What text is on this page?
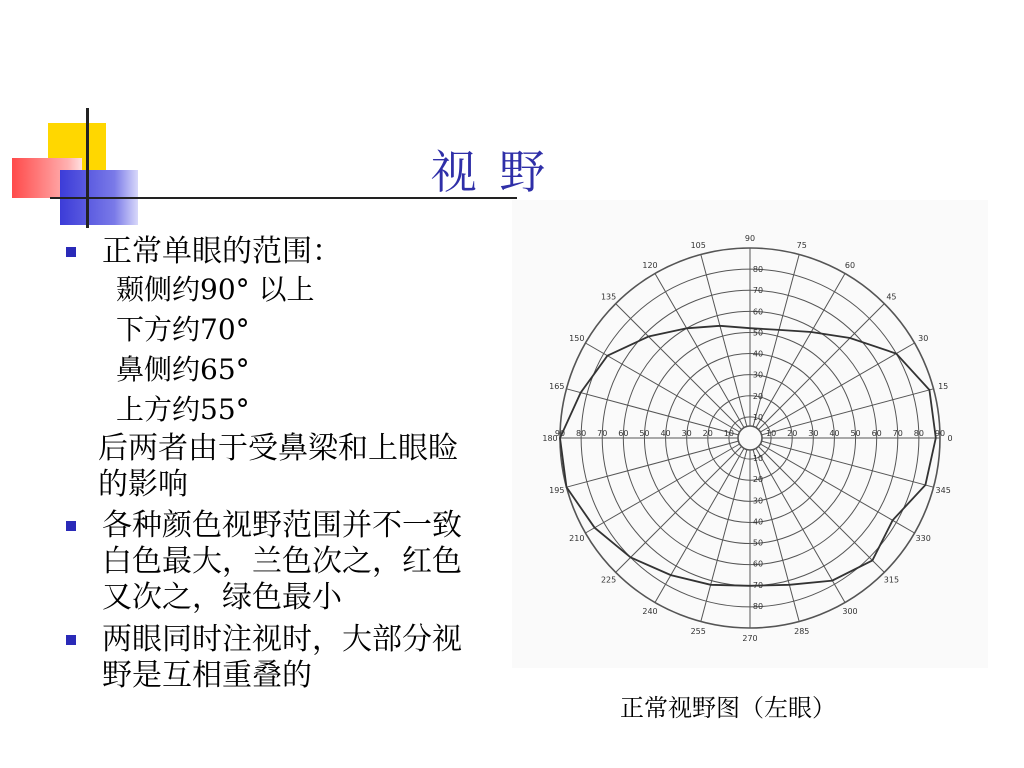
视 野
正常单眼的范围：
颞侧约90° 以上
下方约70°
鼻侧约65°
上方约55°
后两者由于受鼻梁和上眼睑
的影响
各种颜色视野范围并不一致
白色最大，兰色次之，红色
又次之，绿色最小
两眼同时注视时，大部分视
野是互相重叠的
0
15
30
45
60
75
90
105
120
135
150
165
180
195
210
225
240
255
270
285
300
315
330
345
80
70
60
50
40
30
20
10
10
20
30
40
50
60
70
80
90 80 70 60 50 40 30 20 10	10 20 30 40 50 60 70 80 90
正常视野图（左眼）
